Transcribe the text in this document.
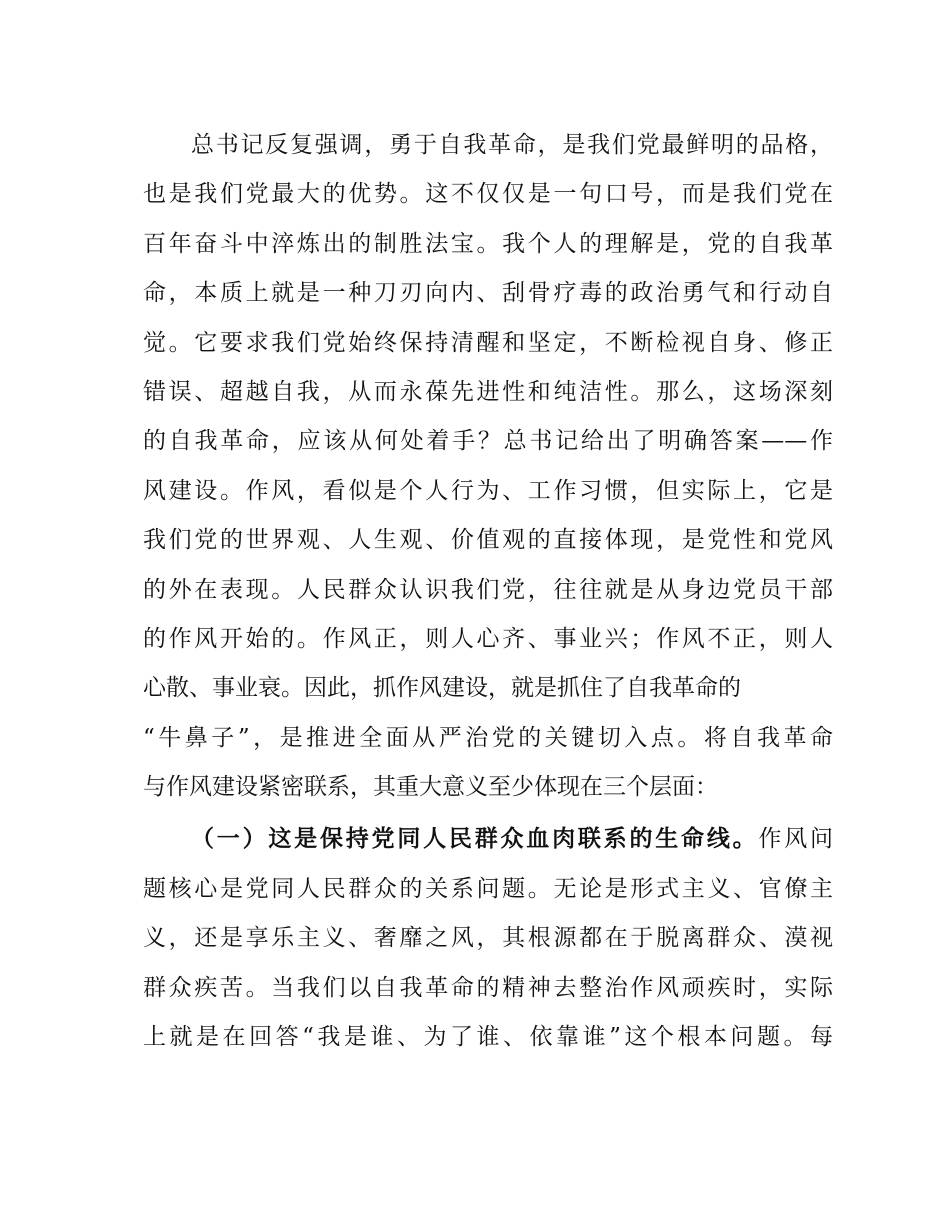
总书记反复强调，勇于自我革命，是我们党最鲜明的品格，
也是我们党最大的优势。这不仅仅是一句口号，而是我们党在
百年奋斗中淬炼出的制胜法宝。我个人的理解是，党的自我革
命，本质上就是一种刀刃向内、刮骨疗毒的政治勇气和行动自
觉。它要求我们党始终保持清醒和坚定，不断检视自身、修正
错误、超越自我，从而永葆先进性和纯洁性。那么，这场深刻
的自我革命，应该从何处着手？总书记给出了明确答案——作
风建设。作风，看似是个人行为、工作习惯，但实际上，它是
我们党的世界观、人生观、价值观的直接体现，是党性和党风
的外在表现。人民群众认识我们党，往往就是从身边党员干部
的作风开始的。作风正，则人心齐、事业兴；作风不正，则人
心散、事业衰。因此，抓作风建设，就是抓住了自我革命的
“牛鼻子”，是推进全面从严治党的关键切入点。将自我革命
与作风建设紧密联系，其重大意义至少体现在三个层面：
（一）这是保持党同人民群众血肉联系的生命线。作风问
题核心是党同人民群众的关系问题。无论是形式主义、官僚主
义，还是享乐主义、奢靡之风，其根源都在于脱离群众、漠视
群众疾苦。当我们以自我革命的精神去整治作风顽疾时，实际
上就是在回答“我是谁、为了谁、依靠谁”这个根本问题。每
